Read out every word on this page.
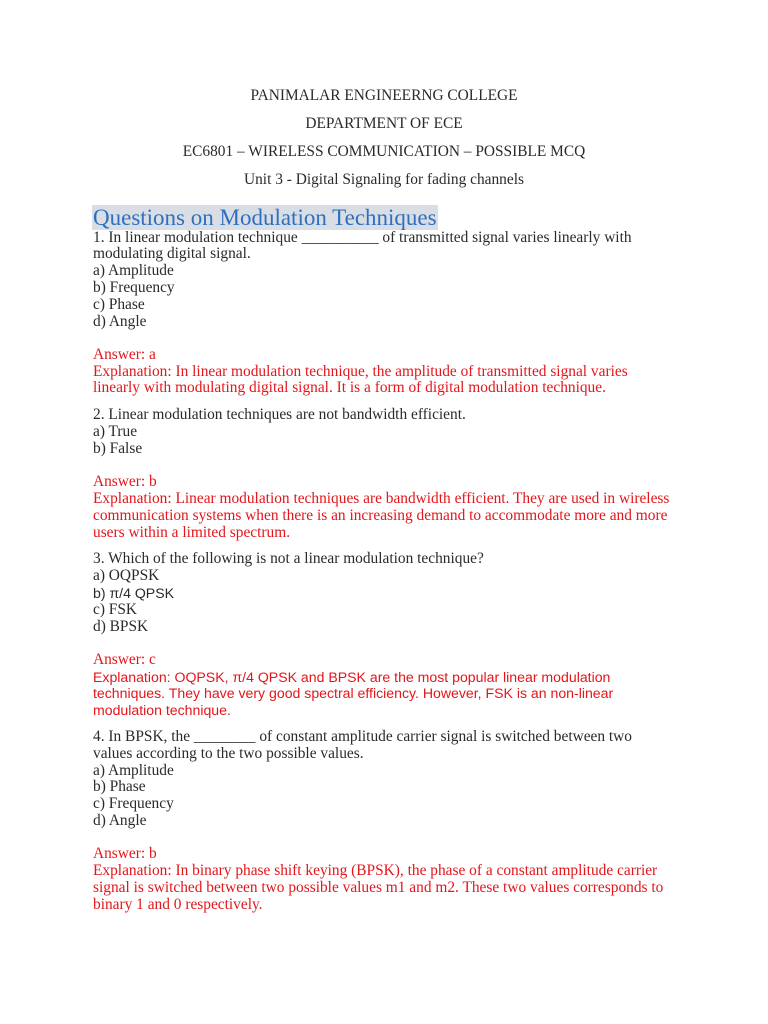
PANIMALAR ENGINEERNG COLLEGE
DEPARTMENT OF ECE
EC6801 – WIRELESS COMMUNICATION – POSSIBLE MCQ
Unit 3 - Digital Signaling for fading channels
Questions on Modulation Techniques
1. In linear modulation technique __________ of transmitted signal varies linearly with
modulating digital signal.
a) Amplitude
b) Frequency
c) Phase
d) Angle
Answer: a
Explanation: In linear modulation technique, the amplitude of transmitted signal varies
linearly with modulating digital signal. It is a form of digital modulation technique.
2. Linear modulation techniques are not bandwidth efficient.
a) True
b) False
Answer: b
Explanation: Linear modulation techniques are bandwidth efficient. They are used in wireless
communication systems when there is an increasing demand to accommodate more and more
users within a limited spectrum.
3. Which of the following is not a linear modulation technique?
a) OQPSK
b) π/4 QPSK
c) FSK
d) BPSK
Answer: c
Explanation: OQPSK, π/4 QPSK and BPSK are the most popular linear modulation
techniques. They have very good spectral efficiency. However, FSK is an non-linear
modulation technique.
4. In BPSK, the ________ of constant amplitude carrier signal is switched between two
values according to the two possible values.
a) Amplitude
b) Phase
c) Frequency
d) Angle
Answer: b
Explanation: In binary phase shift keying (BPSK), the phase of a constant amplitude carrier
signal is switched between two possible values m1 and m2. These two values corresponds to
binary 1 and 0 respectively.
